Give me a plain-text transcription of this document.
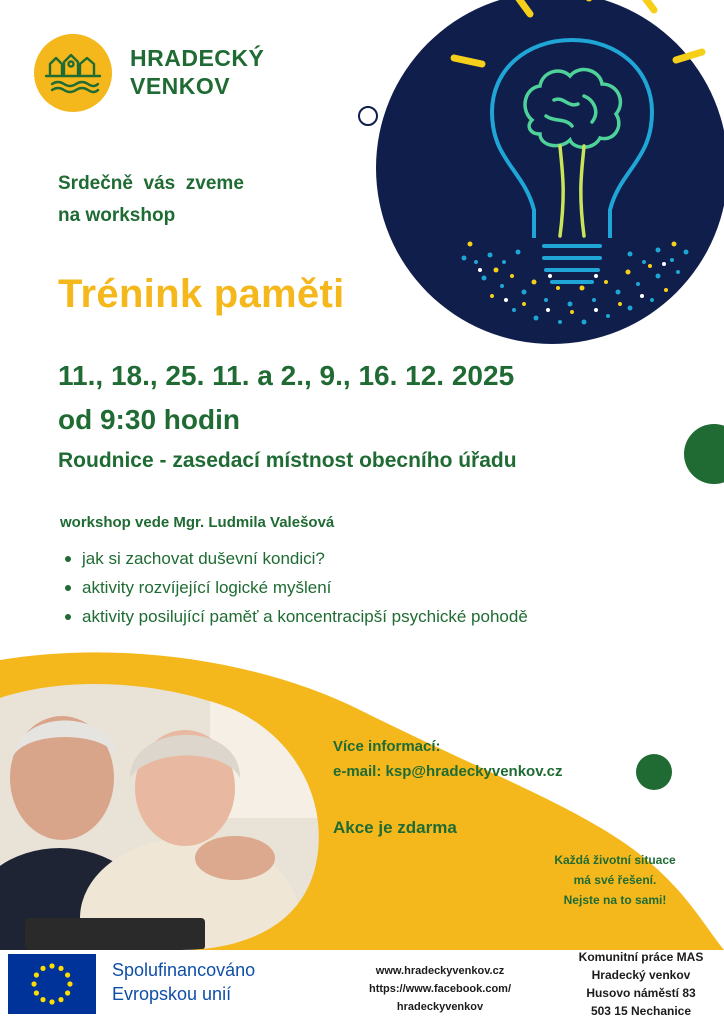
HRADECKÝ
VENKOV
Srdečně  vás  zveme
na workshop
Trénink paměti
11., 18., 25. 11. a 2., 9., 16. 12. 2025
od 9:30 hodin
Roudnice - zasedací místnost obecního úřadu
workshop vede Mgr. Ludmila Valešová
jak si zachovat duševní kondici?
aktivity rozvíjející logické myšlení
aktivity posilující paměť a koncentracipší psychické pohodě
Více informací:
e-mail: ksp@hradeckyvenkov.cz
Akce je zdarma
Každá životní situace
má své řešení.
Nejste na to sami!
Spolufinancováno
Evropskou unií
www.hradeckyvenkov.cz
https://www.facebook.com/
hradeckyvenkov
Komunitní práce MAS
Hradecký venkov
Husovo náměstí 83
503 15 Nechanice
